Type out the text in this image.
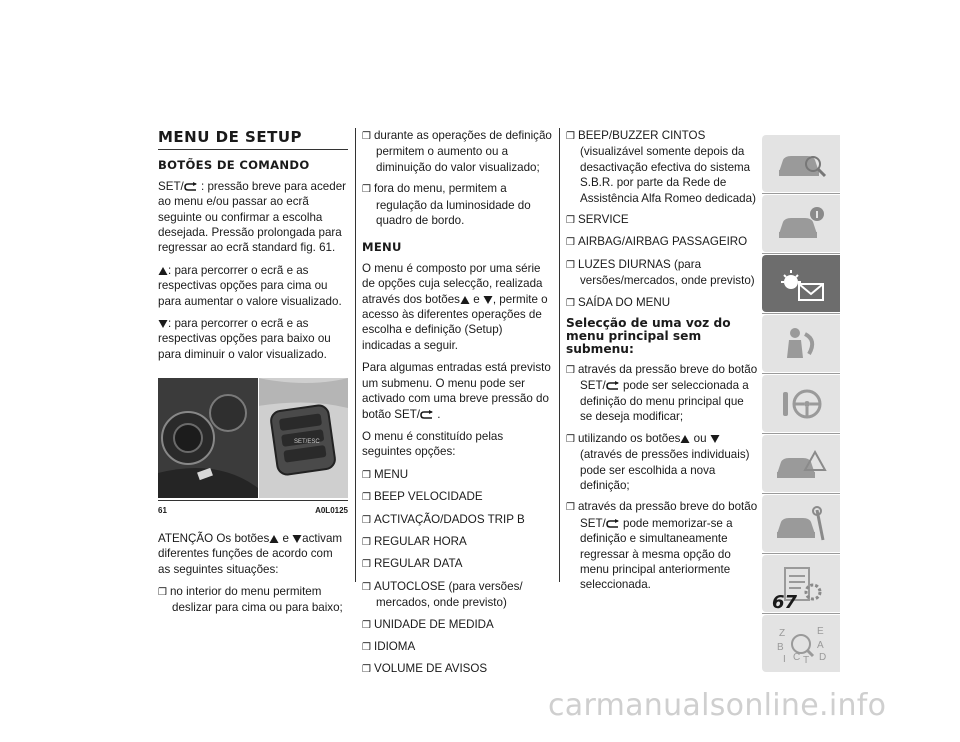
MENU DE SETUP
BOTÕES DE COMANDO

SET/ : pressão breve para aceder ao menu e/ou passar ao ecrã seguinte ou confirmar a escolha desejada. Pressão prolongada para regressar ao ecrã standard fig. 61.

: para percorrer o ecrã e as respectivas opções para cima ou para aumentar o valore visualizado.

: para percorrer o ecrã e as respectivas opções para baixo ou para diminuir o valor visualizado.

SET/ESC
61	A0L0125

ATENÇÃO Os botões e activam diferentes funções de acordo com as seguintes situações:

❒ no interior do menu permitem deslizar para cima ou para baixo;
❒ durante as operações de definição permitem o aumento ou a diminuição do valor visualizado;
❒ fora do menu, permitem a regulação da luminosidade do quadro de bordo.
MENU

O menu é composto por uma série de opções cuja selecção, realizada através dos botões e , permite o acesso às diferentes operações de escolha e definição (Setup) indicadas a seguir.

Para algumas entradas está previsto um submenu. O menu pode ser activado com uma breve pressão do botão SET/ .

O menu é constituído pelas seguintes opções:

❒ MENU
❒ BEEP VELOCIDADE
❒ ACTIVAÇÃO/DADOS TRIP B
❒ REGULAR HORA
❒ REGULAR DATA
❒ AUTOCLOSE (para versões/ mercados, onde previsto)
❒ UNIDADE DE MEDIDA
❒ IDIOMA
❒ VOLUME DE AVISOS
❒ BEEP/BUZZER CINTOS (visualizável somente depois da desactivação efectiva do sistema S.B.R. por parte da Rede de Assistência Alfa Romeo dedicada)
❒ SERVICE
❒ AIRBAG/AIRBAG PASSAGEIRO
❒ LUZES DIURNAS (para versões/mercados, onde previsto)
❒ SAÍDA DO MENU
Selecção de uma voz do menu principal sem submenu:
❒ através da pressão breve do botão SET/ pode ser seleccionada a definição do menu principal que se deseja modificar;
❒ utilizando os botões ou (através de pressões individuais) pode ser escolhida a nova definição;
❒ através da pressão breve do botão SET/ pode memorizar-se a definição e simultaneamente regressar à mesma opção do menu principal anteriormente seleccionada.
Z	E
B	A
I C T D
67
carmanualsonline.info
